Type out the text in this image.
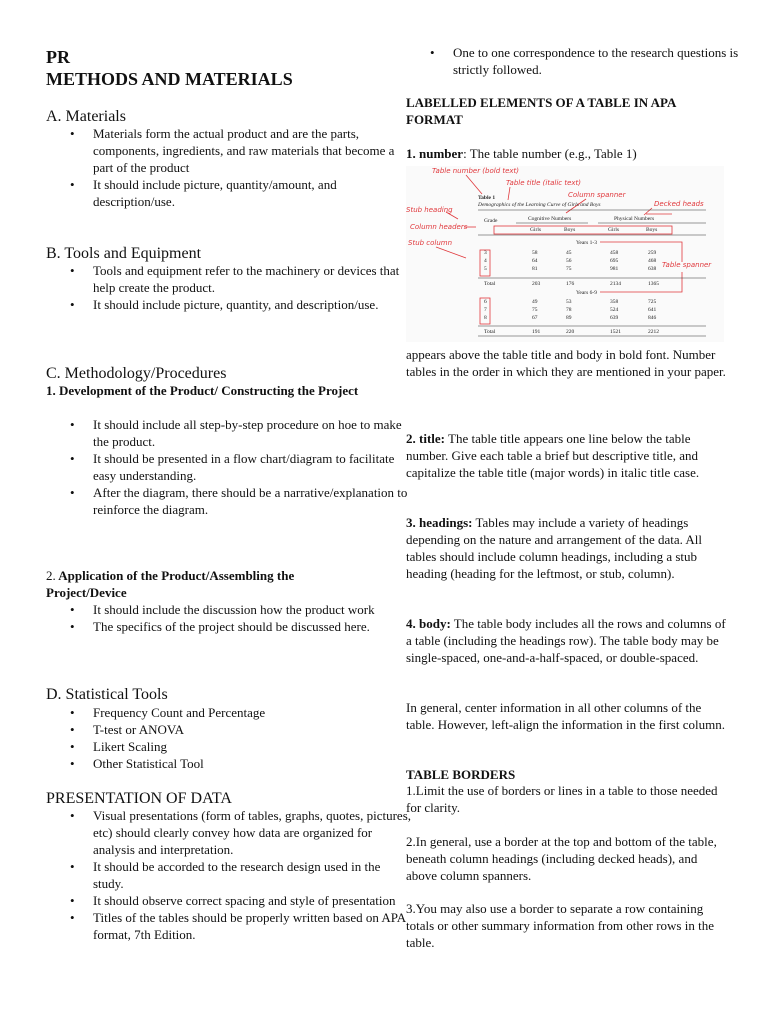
PR
METHODS AND MATERIALS
A. Materials
• Materials form the actual product and are the parts, components, ingredients, and raw materials that become a part of the product
• It should include picture, quantity/amount, and description/use.
B. Tools and Equipment
• Tools and equipment refer to the machinery or devices that help create the product.
• It should include picture, quantity, and description/use.
C. Methodology/Procedures

1. Development of the Product/ Constructing the Project

• It should include all step-by-step procedure on hoe to make the product.
• It should be presented in a flow chart/diagram to facilitate easy understanding.
• After the diagram, there should be a narrative/explanation to reinforce the diagram.

2. Application of the Product/Assembling the Project/Device

• It should include the discussion how the product work
• The specifics of the project should be discussed here.
D. Statistical Tools
• Frequency Count and Percentage
• T-test or ANOVA
• Likert Scaling
• Other Statistical Tool
PRESENTATION OF DATA
• Visual presentations (form of tables, graphs, quotes, pictures, etc) should clearly convey how data are organized for analysis and interpretation.
• It should be accorded to the research design used in the study.
• It should observe correct spacing and style of presentation
• Titles of the tables should be properly written based on APA format, 7th Edition.
• One to one correspondence to the research questions is strictly followed.

LABELLED ELEMENTS OF A TABLE IN APA FORMAT

1. number: The table number (e.g., Table 1)

Table number (bold text)
Table title (italic text)
Column spanner
Decked heads
Stub heading
Column headers
Stub column
Table spanner
Table 1
Demographics of the Learning Curve of Girls and Boys
Grade	Cognitive Numbers	Physical Numbers
Girls	Boys	Girls	Boys
Years 1-3
3	58	45	458	259
4	64	56	695	468
5	81	75	981	638
Total	203	176	2134	1365
Years 6-9
6	49	53	358	725
7	75	78	524	641
8	67	89	639	846
Total	191	220	1521	2212

appears above the table title and body in bold font. Number tables in the order in which they are mentioned in your paper.

2. title: The table title appears one line below the table number. Give each table a brief but descriptive title, and capitalize the table title (major words) in italic title case.

3. headings: Tables may include a variety of headings depending on the nature and arrangement of the data. All tables should include column headings, including a stub heading (heading for the leftmost, or stub, column).

4. body: The table body includes all the rows and columns of a table (including the headings row). The table body may be single-spaced, one-and-a-half-spaced, or double-spaced.

In general, center information in all other columns of the table. However, left-align the information in the first column.

TABLE BORDERS

1.Limit the use of borders or lines in a table to those needed for clarity.

2.In general, use a border at the top and bottom of the table, beneath column headings (including decked heads), and above column spanners.

3.You may also use a border to separate a row containing totals or other summary information from other rows in the table.
